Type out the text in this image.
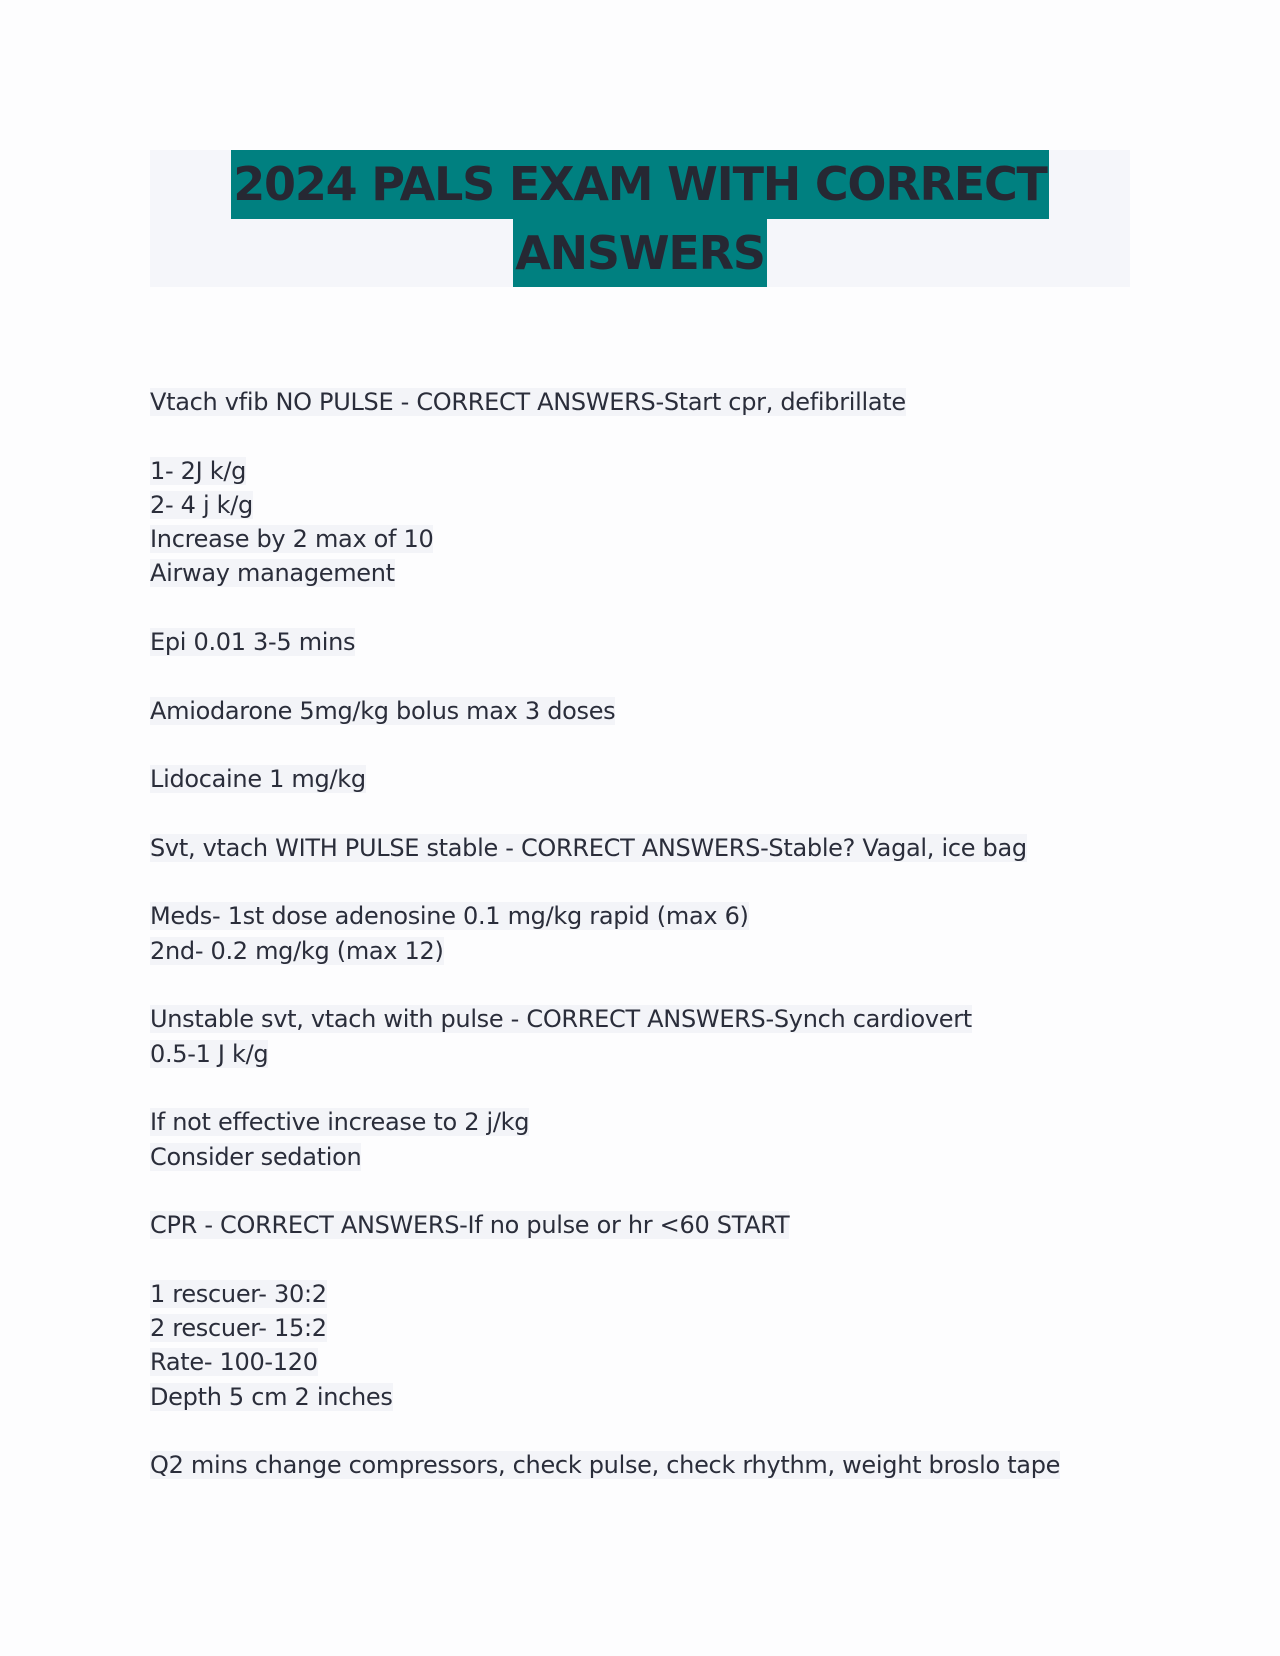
2024 PALS EXAM WITH CORRECT
ANSWERS
Vtach vfib NO PULSE - CORRECT ANSWERS-Start cpr, defibrillate
1- 2J k/g
2- 4 j k/g
Increase by 2 max of 10
Airway management
Epi 0.01 3-5 mins
Amiodarone 5mg/kg bolus max 3 doses
Lidocaine 1 mg/kg
Svt, vtach WITH PULSE stable - CORRECT ANSWERS-Stable? Vagal, ice bag
Meds- 1st dose adenosine 0.1 mg/kg rapid (max 6)
2nd- 0.2 mg/kg (max 12)
Unstable svt, vtach with pulse - CORRECT ANSWERS-Synch cardiovert
0.5-1 J k/g
If not effective increase to 2 j/kg
Consider sedation
CPR - CORRECT ANSWERS-If no pulse or hr <60 START
1 rescuer- 30:2
2 rescuer- 15:2
Rate- 100-120
Depth 5 cm 2 inches
Q2 mins change compressors, check pulse, check rhythm, weight broslo tape
